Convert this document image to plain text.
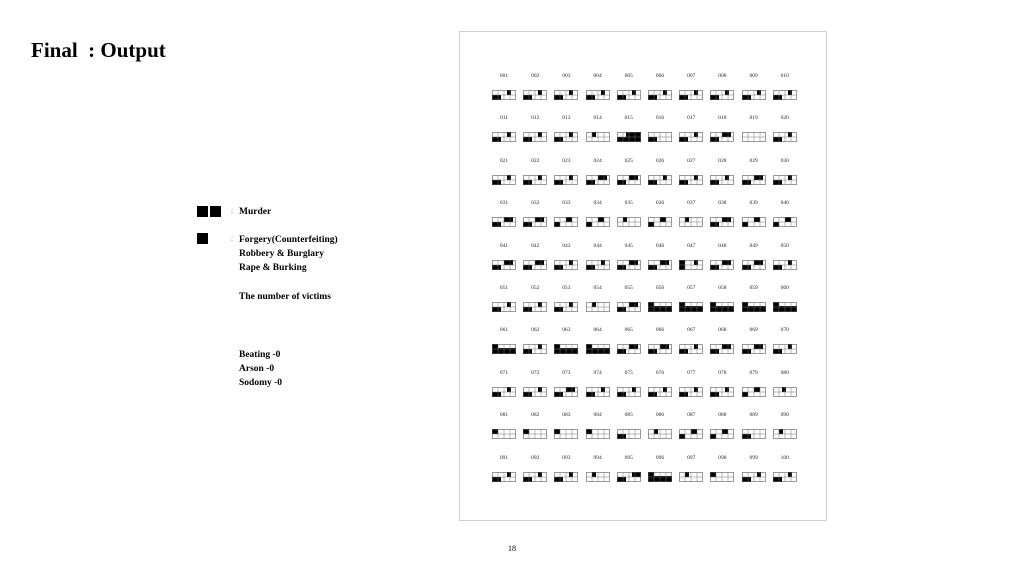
Final  : Output
: Murder
: Forgery(Counterfeiting)
Robbery & Burglary
Rape & Burking
The number of victims
Beating -0
Arson -0
Sodomy -0
001	002	003	004	005	006	007	008	009	010
011	012	013	014	015	016	017	018	019	020
021	022	023	024	025	026	027	028	029	030
031	032	033	034	035	036	037	038	039	040
041	042	043	044	045	046	047	048	049	050
051	052	053	054	055	056	057	058	059	060
061	062	063	064	065	066	067	068	069	070
071	072	073	074	075	076	077	078	079	080
081	082	083	084	085	086	087	088	089	090
091	092	093	094	095	096	097	098	099	100
18
